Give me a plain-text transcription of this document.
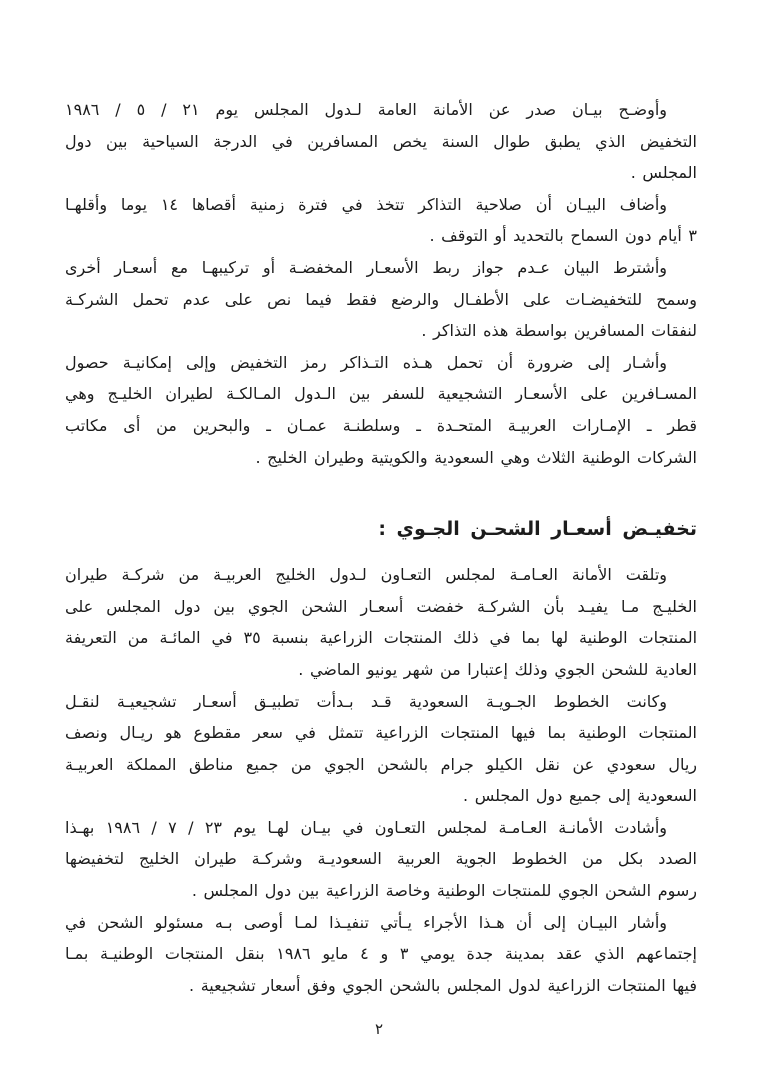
وأوضـح بيـان صدر عن الأمانة العامة لـدول المجلس يوم ٢١ / ٥ / ١٩٨٦
التخفيض الذي يطبق طوال السنة يخص المسافرين في الدرجة السياحية بين دول
المجلس .
وأضاف البيـان أن صلاحية التذاكر تتخذ في فترة زمنية أقصاها ١٤ يوما وأقلهـا
٣ أيام دون السماح بالتحديد أو التوقف .
وأشترط البيان عـدم جواز ربط الأسعـار المخفضـة أو تركيبهـا مع أسعـار أخرى
وسمح للتخفيضـات على الأطفـال والرضع فقط فيما نص على عدم تحمل الشركـة
لنفقات المسافرين بواسطة هذه التذاكر .
وأشـار إلى ضرورة أن تحمل هـذه التـذاكر رمز التخفيض وإلى إمكانيـة حصول
المسـافرين على الأسعـار التشجيعية للسفر بين الـدول المـالكـة لطيران الخليـج وهي
قطر ـ الإمـارات العربيـة المتحـدة ـ وسلطنـة عمـان ـ والبحرين من أى مكاتب
الشركات الوطنية الثلاث وهي السعودية والكويتية وطيران الخليج .
تخفيـض أسعـار الشحـن الجـوي :
وتلقت الأمانة العـامـة لمجلس التعـاون لـدول الخليج العربيـة من شركـة طيران
الخليـج مـا يفيـد بأن الشركـة خفضت أسعـار الشحن الجوي بين دول المجلس على
المنتجات الوطنية لها بما في ذلك المنتجات الزراعية بنسبة ٣٥ في المائـة من التعريفة
العادية للشحن الجوي وذلك إعتبارا من شهر يونيو الماضي .
وكانت الخطوط الجـويـة السعودية قـد بـدأت تطبيـق أسعـار تشجيعيـة لنقـل
المنتجات الوطنية بما فيها المنتجات الزراعية تتمثل في سعر مقطوع هو ريـال ونصف
ريال سعودي عن نقل الكيلو جرام بالشحن الجوي من جميع مناطق المملكة العربيـة
السعودية إلى جميع دول المجلس .
وأشادت الأمانـة العـامـة لمجلس التعـاون في بيـان لهـا يوم ٢٣ / ٧ / ١٩٨٦ بهـذا
الصدد بكل من الخطوط الجوية العربية السعوديـة وشركـة طيران الخليج لتخفيضها
رسوم الشحن الجوي للمنتجات الوطنية وخاصة الزراعية بين دول المجلس .
وأشار البيـان إلى أن هـذا الأجراء يـأتي تنفيـذا لمـا أوصى بـه مسئولو الشحن في
إجتماعهم الذي عقد بمدينة جدة يومي ٣ و ٤ مايو ١٩٨٦ بنقل المنتجات الوطنيـة بمـا
فيها المنتجات الزراعية لدول المجلس بالشحن الجوي وفق أسعار تشجيعية .
٢
